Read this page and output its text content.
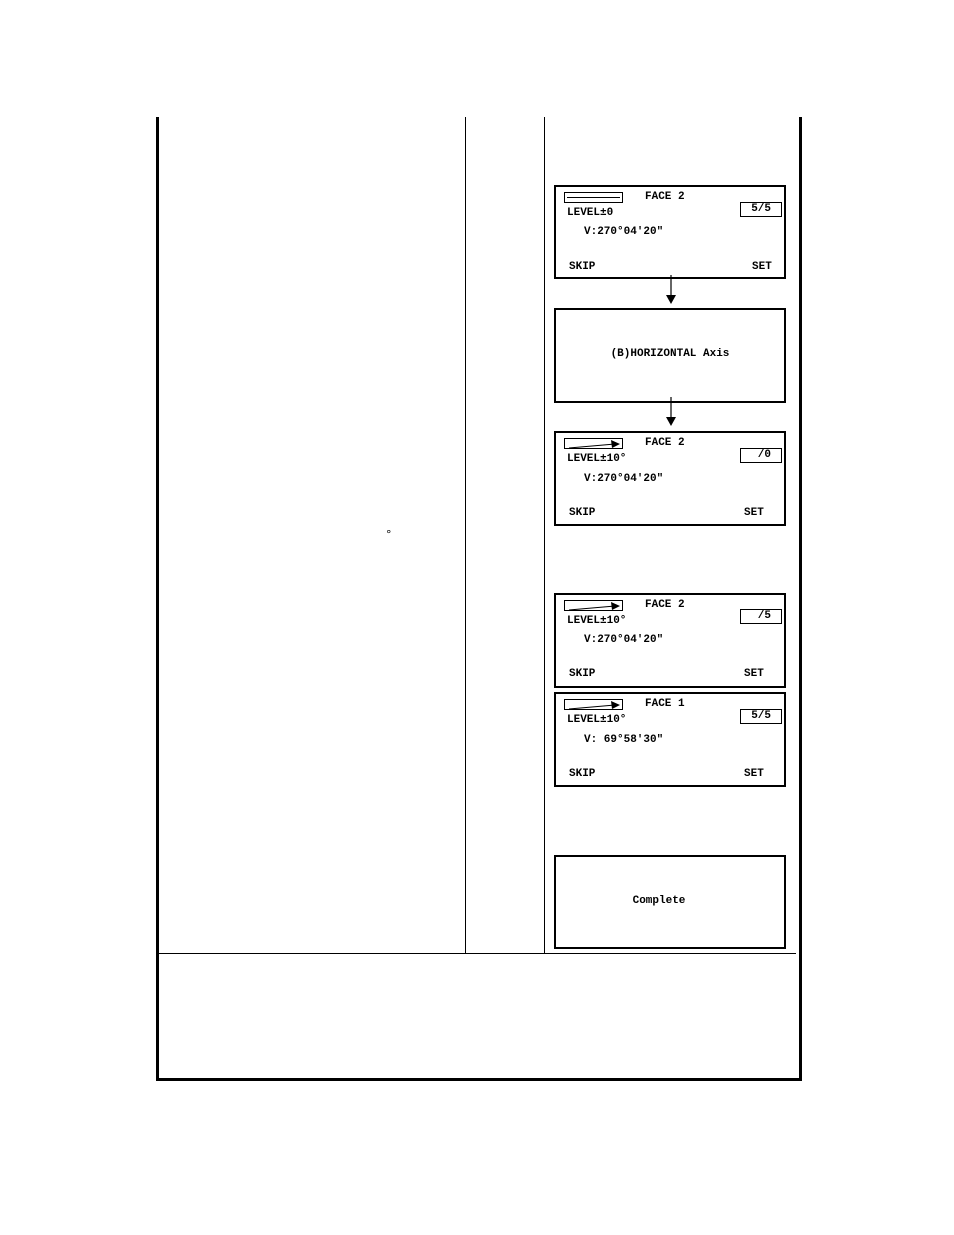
°
FACE 2
5/5
LEVEL±0
V:270°04'20"
SKIP	SET
(B)HORIZONTAL Axis
FACE 2
/0
LEVEL±10°
V:270°04'20"
SKIP	SET
FACE 2
/5
LEVEL±10°
V:270°04'20"
SKIP	SET
FACE 1
5/5
LEVEL±10°
V: 69°58'30"
SKIP	SET
Complete
